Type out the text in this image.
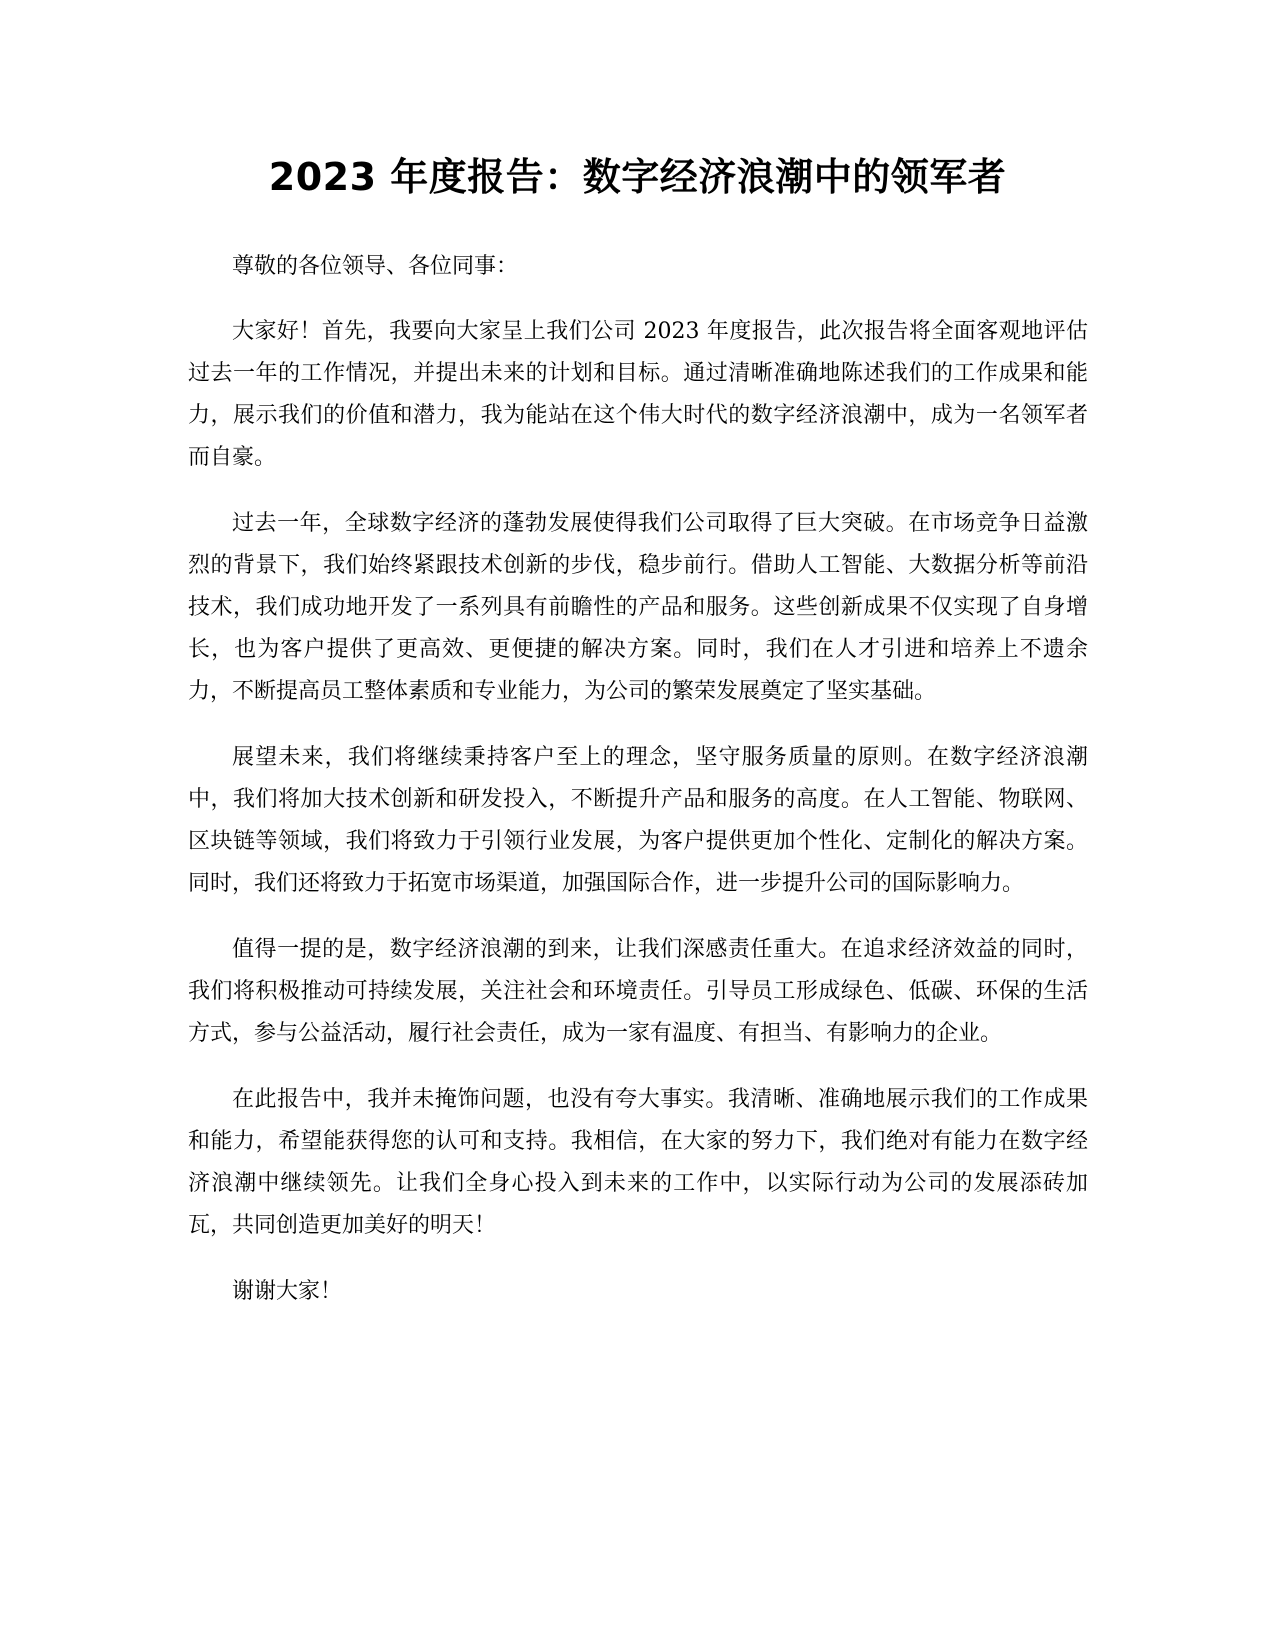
2023 年度报告：数字经济浪潮中的领军者

尊敬的各位领导、各位同事：

大家好！首先，我要向大家呈上我们公司 2023 年度报告，此次报告将全面客观地评估过去一年的工作情况，并提出未来的计划和目标。通过清晰准确地陈述我们的工作成果和能力，展示我们的价值和潜力，我为能站在这个伟大时代的数字经济浪潮中，成为一名领军者而自豪。

过去一年，全球数字经济的蓬勃发展使得我们公司取得了巨大突破。在市场竞争日益激烈的背景下，我们始终紧跟技术创新的步伐，稳步前行。借助人工智能、大数据分析等前沿技术，我们成功地开发了一系列具有前瞻性的产品和服务。这些创新成果不仅实现了自身增长，也为客户提供了更高效、更便捷的解决方案。同时，我们在人才引进和培养上不遗余力，不断提高员工整体素质和专业能力，为公司的繁荣发展奠定了坚实基础。

展望未来，我们将继续秉持客户至上的理念，坚守服务质量的原则。在数字经济浪潮中，我们将加大技术创新和研发投入，不断提升产品和服务的高度。在人工智能、物联网、区块链等领域，我们将致力于引领行业发展，为客户提供更加个性化、定制化的解决方案。同时，我们还将致力于拓宽市场渠道，加强国际合作，进一步提升公司的国际影响力。

值得一提的是，数字经济浪潮的到来，让我们深感责任重大。在追求经济效益的同时，我们将积极推动可持续发展，关注社会和环境责任。引导员工形成绿色、低碳、环保的生活方式，参与公益活动，履行社会责任，成为一家有温度、有担当、有影响力的企业。

在此报告中，我并未掩饰问题，也没有夸大事实。我清晰、准确地展示我们的工作成果和能力，希望能获得您的认可和支持。我相信，在大家的努力下，我们绝对有能力在数字经济浪潮中继续领先。让我们全身心投入到未来的工作中，以实际行动为公司的发展添砖加瓦，共同创造更加美好的明天！

谢谢大家！
